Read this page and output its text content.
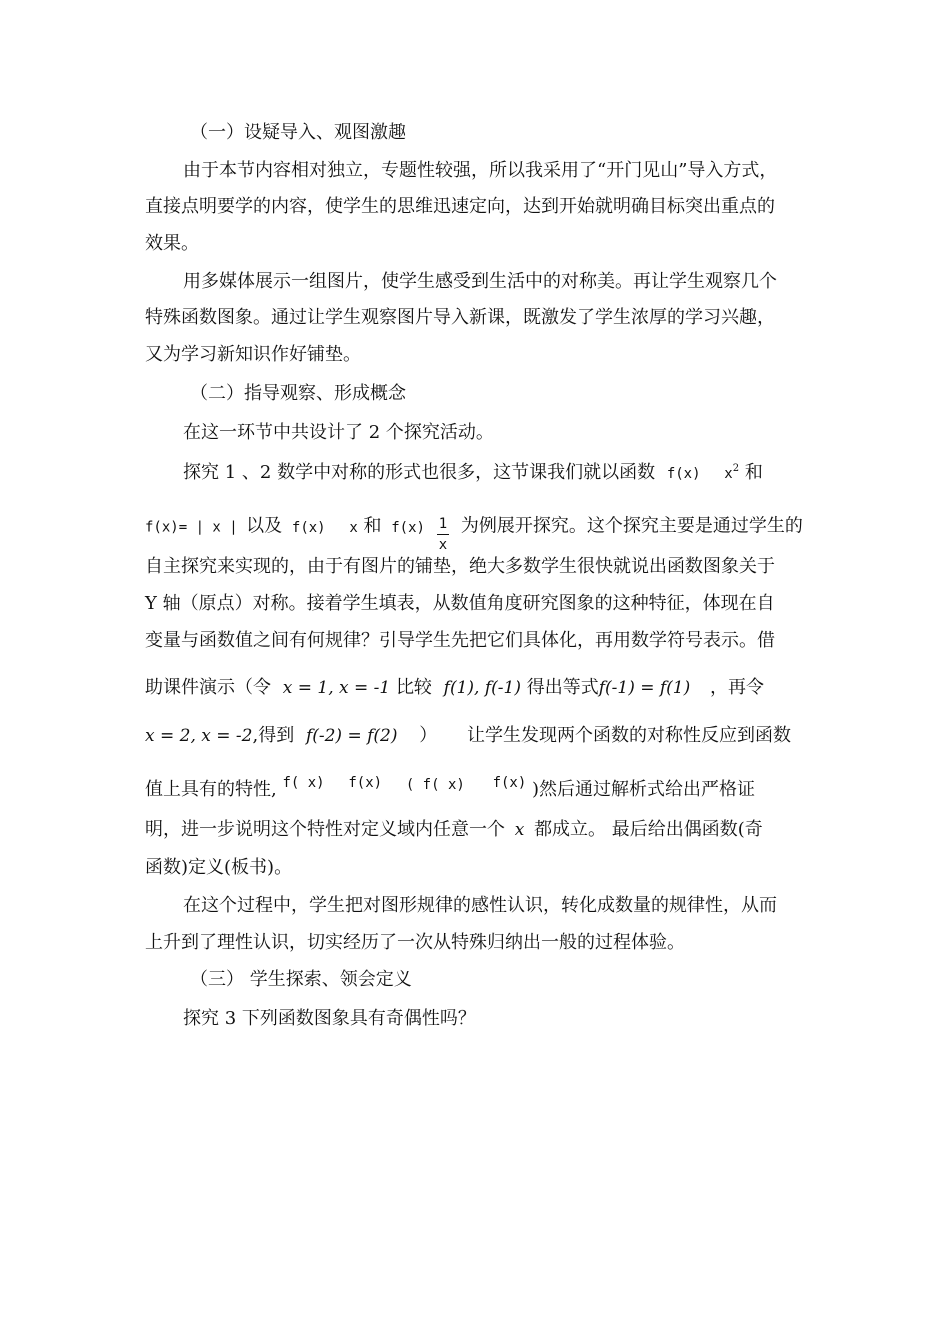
（一）设疑导入、观图激趣
由于本节内容相对独立，专题性较强，所以我采用了“开门见山”导入方式，
直接点明要学的内容，使学生的思维迅速定向，达到开始就明确目标突出重点的
效果。
用多媒体展示一组图片，使学生感受到生活中的对称美。再让学生观察几个
特殊函数图象。通过让学生观察图片导入新课，既激发了学生浓厚的学习兴趣，
又为学习新知识作好铺垫。
（二）指导观察、形成概念
在这一环节中共设计了 2 个探究活动。
探究 1 、2 数学中对称的形式也很多，这节课我们就以函数 f(x) $x^2$ 和
f(x)= | x | 以及 f(x) x 和 $f(x) \frac{1}{x}$ 为例展开探究。这个探究主要是通过学生的
自主探究来实现的，由于有图片的铺垫，绝大多数学生很快就说出函数图象关于
Y 轴（原点）对称。接着学生填表，从数值角度研究图象的这种特征，体现在自
变量与函数值之间有何规律？引导学生先把它们具体化，再用数学符号表示。借
助课件演示（令 x = 1, x = -1 比较 f(1), f(-1) 得出等式f(-1) = f(1) ，再令
x = 2, x = -2,得到 f(-2) = f(2) ） 让学生发现两个函数的对称性反应到函数
值上具有的特性, $^{f( x)}$ $^{f(x)}$ $^{( f( x)}$ $^{f(x)}$ )然后通过解析式给出严格证
明，进一步说明这个特性对定义域内任意一个 x 都成立。 最后给出偶函数(奇
函数)定义(板书)。
在这个过程中，学生把对图形规律的感性认识，转化成数量的规律性，从而
上升到了理性认识，切实经历了一次从特殊归纳出一般的过程体验。
（三） 学生探索、领会定义
探究 3 下列函数图象具有奇偶性吗？
